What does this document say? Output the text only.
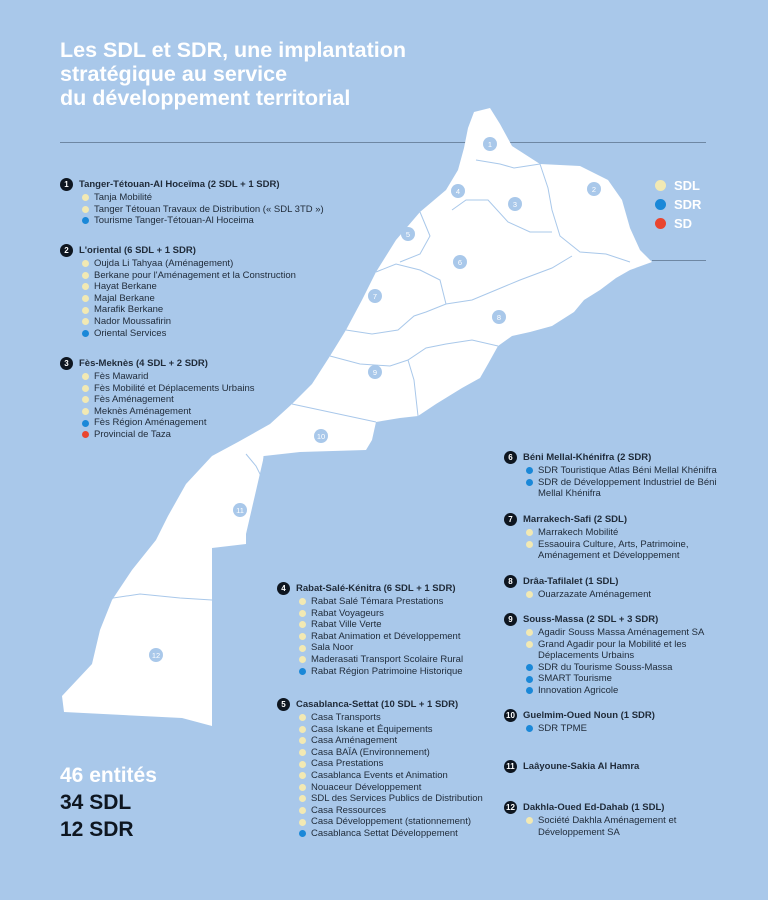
Les SDL et SDR, une implantation
stratégique au service
du développement territorial
1
2
3
4
5
6
7
8
9
10
11
12
SDL
SDR
SD
1	Tanger-Tétouan-Al Hoceïma (2 SDL + 1 SDR)
Tanja Mobilité
Tanger Tétouan Travaux de Distribution (« SDL 3TD »)
Tourisme Tanger-Tétouan-Al Hoceima
2	L'oriental (6 SDL + 1 SDR)
Oujda Li Tahyaa (Aménagement)
Berkane pour l'Aménagement et la Construction
Hayat Berkane
Majal Berkane
Marafik Berkane
Nador Moussafirin
Oriental Services
3	Fès-Meknès (4 SDL + 2 SDR)
Fès Mawarid
Fès Mobilité et Déplacements Urbains
Fès Aménagement
Meknès Aménagement
Fès Région Aménagement
Provincial de Taza
4	Rabat-Salé-Kénitra (6 SDL + 1 SDR)
Rabat Salé Témara Prestations
Rabat Voyageurs
Rabat Ville Verte
Rabat Animation et Développement
Sala Noor
Maderasati Transport Scolaire Rural
Rabat Région Patrimoine Historique
5	Casablanca-Settat (10 SDL + 1 SDR)
Casa Transports
Casa Iskane et Équipements
Casa Aménagement
Casa BAÏA (Environnement)
Casa Prestations
Casablanca Events et Animation
Nouaceur Développement
SDL des Services Publics de Distribution
Casa Ressources
Casa Développement (stationnement)
Casablanca Settat Développement
6	Béni Mellal-Khénifra (2 SDR)
SDR Touristique Atlas Béni Mellal Khénifra
SDR de Développement Industriel de Béni Mellal Khénifra
7	Marrakech-Safi (2 SDL)
Marrakech Mobilité
Essaouira Culture, Arts, Patrimoine, Aménagement et Développement
8	Drâa-Tafilalet (1 SDL)
Ouarzazate Aménagement
9	Souss-Massa (2 SDL + 3 SDR)
Agadir Souss Massa Aménagement SA
Grand Agadir pour la Mobilité et les Déplacements Urbains
SDR du Tourisme Souss-Massa
SMART Tourisme
Innovation Agricole
10 Guelmim-Oued Noun (1 SDR)
SDR TPME
11 Laâyoune-Sakia Al Hamra
12 Dakhla-Oued Ed-Dahab (1 SDL)
Société Dakhla Aménagement et Développement SA
46 entités
34 SDL
12 SDR
